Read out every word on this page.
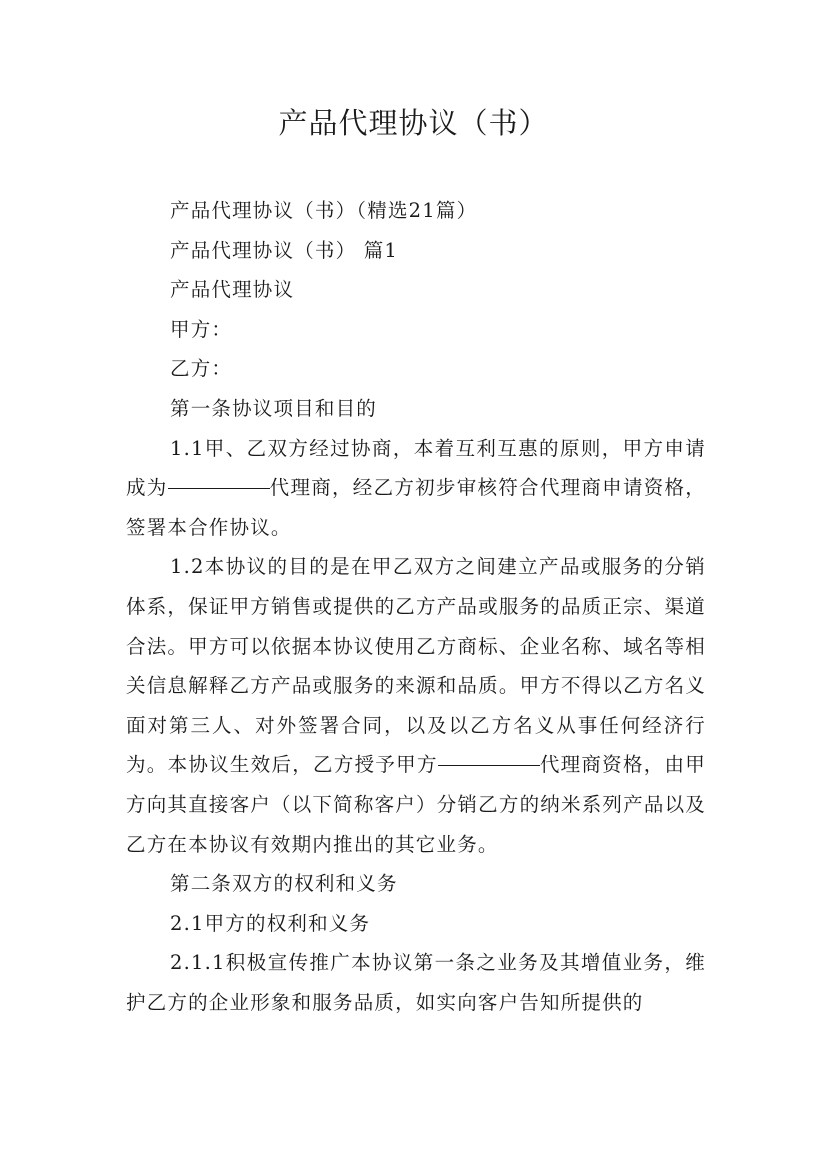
产品代理协议（书）

产品代理协议（书）（精选21篇）

产品代理协议（书） 篇1

产品代理协议

甲方：

乙方：

第一条协议项目和目的

1.1甲、乙双方经过协商，本着互利互惠的原则，甲方申请成为	代理商，经乙方初步审核符合代理商申请资格，签署本合作协议。

1.2本协议的目的是在甲乙双方之间建立产品或服务的分销体系，保证甲方销售或提供的乙方产品或服务的品质正宗、渠道合法。甲方可以依据本协议使用乙方商标、企业名称、域名等相关信息解释乙方产品或服务的来源和品质。甲方不得以乙方名义面对第三人、对外签署合同，以及以乙方名义从事任何经济行为。本协议生效后，乙方授予甲方	代理商资格，由甲方向其直接客户（以下简称客户）分销乙方的纳米系列产品以及乙方在本协议有效期内推出的其它业务。

第二条双方的权利和义务

2.1甲方的权利和义务

2.1.1积极宣传推广本协议第一条之业务及其增值业务，维护乙方的企业形象和服务品质，如实向客户告知所提供的
